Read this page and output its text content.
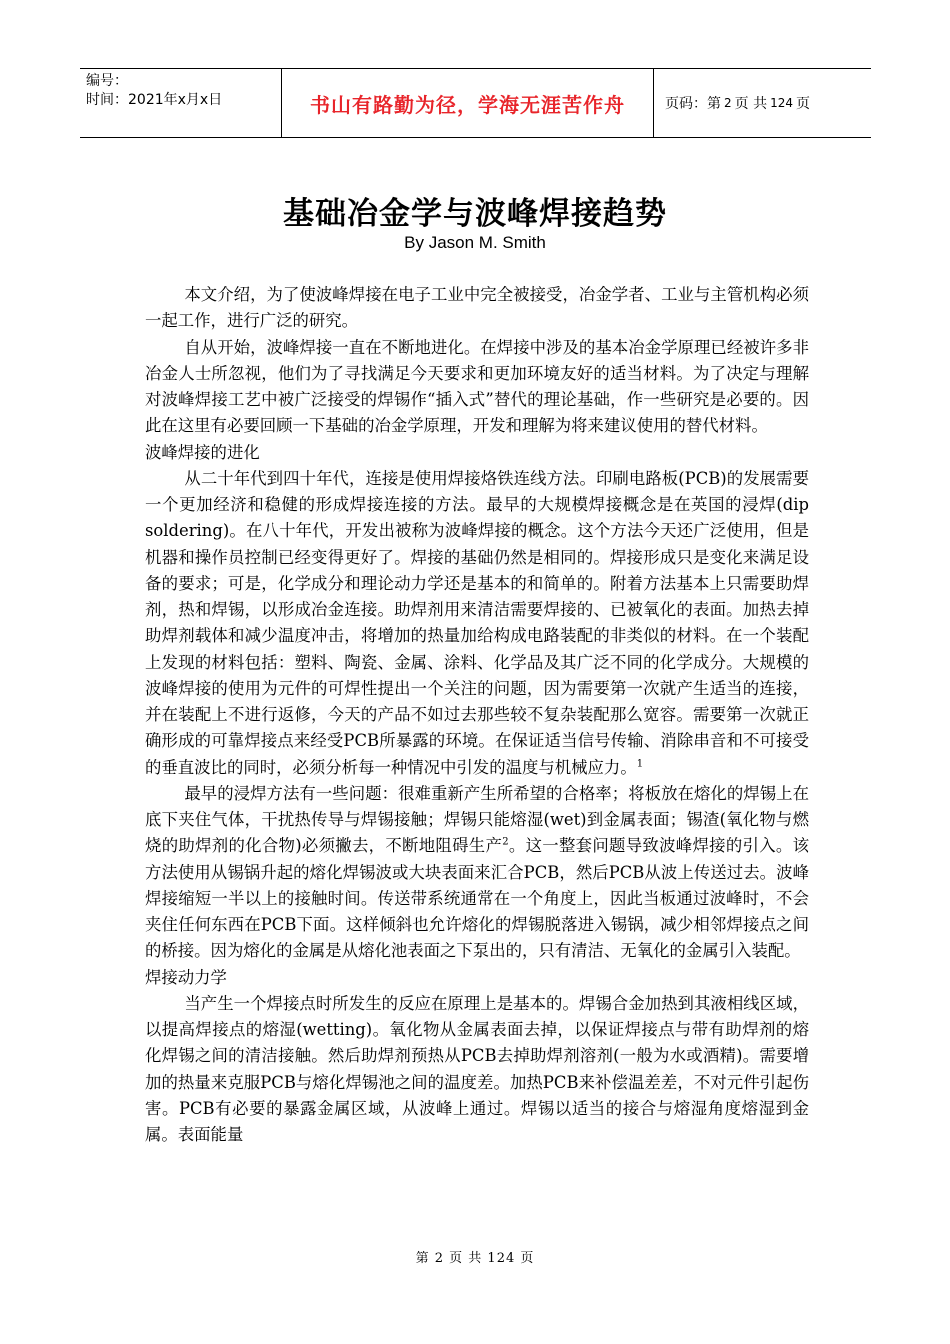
编号：
时间：2021年x月x日	书山有路勤为径，学海无涯苦作舟	页码：第 2 页 共 124 页
基础冶金学与波峰焊接趋势
By Jason M. Smith

本文介绍，为了使波峰焊接在电子工业中完全被接受，冶金学者、工业与主管机构必须一起工作，进行广泛的研究。

自从开始，波峰焊接一直在不断地进化。在焊接中涉及的基本冶金学原理已经被许多非冶金人士所忽视，他们为了寻找满足今天要求和更加环境友好的适当材料。为了决定与理解对波峰焊接工艺中被广泛接受的焊锡作“插入式”替代的理论基础，作一些研究是必要的。因此在这里有必要回顾一下基础的冶金学原理，开发和理解为将来建议使用的替代材料。

波峰焊接的进化

从二十年代到四十年代，连接是使用焊接烙铁连线方法。印刷电路板(PCB)的发展需要一个更加经济和稳健的形成焊接连接的方法。最早的大规模焊接概念是在英国的浸焊(dip soldering)。在八十年代，开发出被称为波峰焊接的概念。这个方法今天还广泛使用，但是机器和操作员控制已经变得更好了。焊接的基础仍然是相同的。焊接形成只是变化来满足设备的要求；可是，化学成分和理论动力学还是基本的和简单的。附着方法基本上只需要助焊剂，热和焊锡，以形成冶金连接。助焊剂用来清洁需要焊接的、已被氧化的表面。加热去掉助焊剂载体和减少温度冲击，将增加的热量加给构成电路装配的非类似的材料。在一个装配上发现的材料包括：塑料、陶瓷、金属、涂料、化学品及其广泛不同的化学成分。大规模的波峰焊接的使用为元件的可焊性提出一个关注的问题，因为需要第一次就产生适当的连接，并在装配上不进行返修，今天的产品不如过去那些较不复杂装配那么宽容。需要第一次就正确形成的可靠焊接点来经受PCB所暴露的环境。在保证适当信号传输、消除串音和不可接受的垂直波比的同时，必须分析每一种情况中引发的温度与机械应力。$^1$

最早的浸焊方法有一些问题：很难重新产生所希望的合格率；将板放在熔化的焊锡上在底下夹住气体，干扰热传导与焊锡接触；焊锡只能熔湿(wet)到金属表面；锡渣(氧化物与燃烧的助焊剂的化合物)必须撇去，不断地阻碍生产$^2$。这一整套问题导致波峰焊接的引入。该方法使用从锡锅升起的熔化焊锡波或大块表面来汇合PCB，然后PCB从波上传送过去。波峰焊接缩短一半以上的接触时间。传送带系统通常在一个角度上，因此当板通过波峰时，不会夹住任何东西在PCB下面。这样倾斜也允许熔化的焊锡脱落进入锡锅，减少相邻焊接点之间的桥接。因为熔化的金属是从熔化池表面之下泵出的，只有清洁、无氧化的金属引入装配。

焊接动力学

当产生一个焊接点时所发生的反应在原理上是基本的。焊锡合金加热到其液相线区域，以提高焊接点的熔湿(wetting)。氧化物从金属表面去掉，以保证焊接点与带有助焊剂的熔化焊锡之间的清洁接触。然后助焊剂预热从PCB去掉助焊剂溶剂(一般为水或酒精)。需要增加的热量来克服PCB与熔化焊锡池之间的温度差。加热PCB来补偿温差差，不对元件引起伤害。PCB有必要的暴露金属区域，从波峰上通过。焊锡以适当的接合与熔湿角度熔湿到金属。表面能量

第 2 页 共 124 页
